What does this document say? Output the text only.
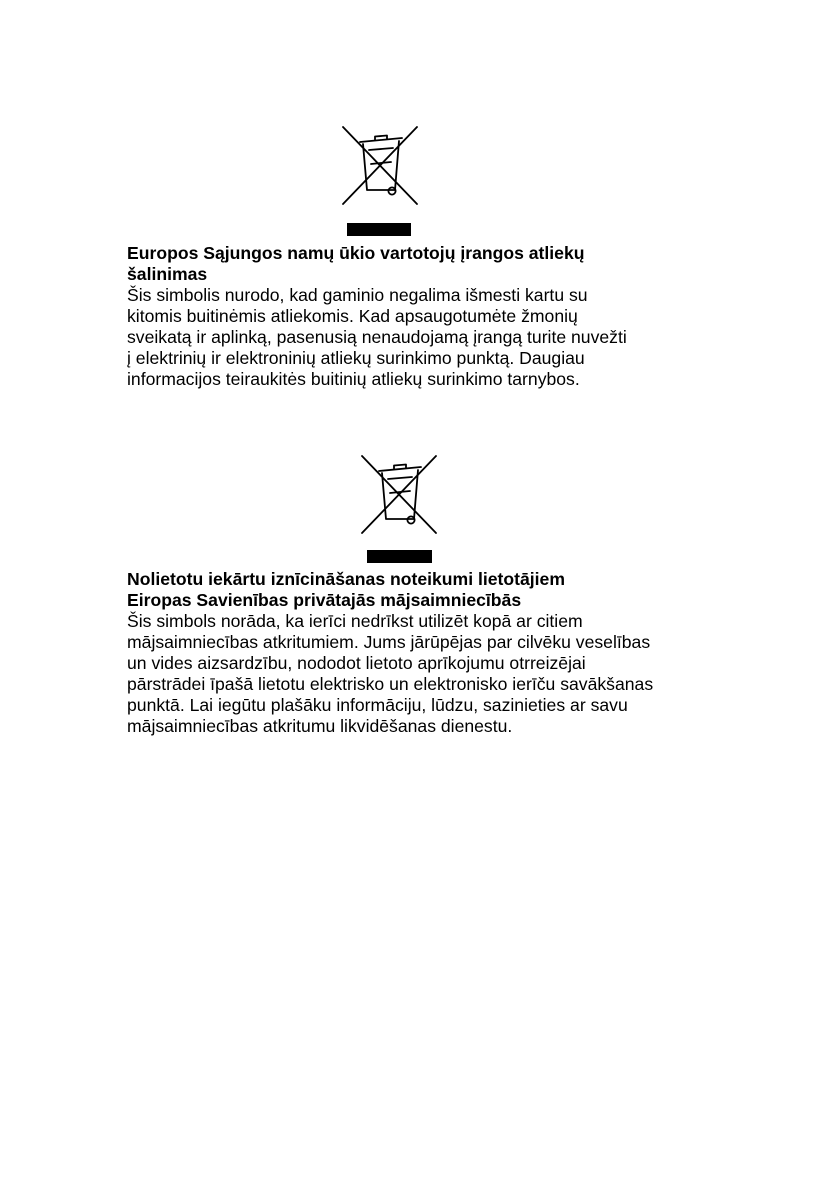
Europos Sąjungos namų ūkio vartotojų įrangos atliekų
šalinimas
Šis simbolis nurodo, kad gaminio negalima išmesti kartu su
kitomis buitinėmis atliekomis. Kad apsaugotumėte žmonių
sveikatą ir aplinką, pasenusią nenaudojamą įrangą turite nuvežti
į elektrinių ir elektroninių atliekų surinkimo punktą. Daugiau
informacijos teiraukitės buitinių atliekų surinkimo tarnybos.
Nolietotu iekārtu iznīcināšanas noteikumi lietotājiem
Eiropas Savienības privātajās mājsaimniecībās
Šis simbols norāda, ka ierīci nedrīkst utilizēt kopā ar citiem
mājsaimniecības atkritumiem. Jums jārūpējas par cilvēku veselības
un vides aizsardzību, nododot lietoto aprīkojumu otrreizējai
pārstrādei īpašā lietotu elektrisko un elektronisko ierīču savākšanas
punktā. Lai iegūtu plašāku informāciju, lūdzu, sazinieties ar savu
mājsaimniecības atkritumu likvidēšanas dienestu.
